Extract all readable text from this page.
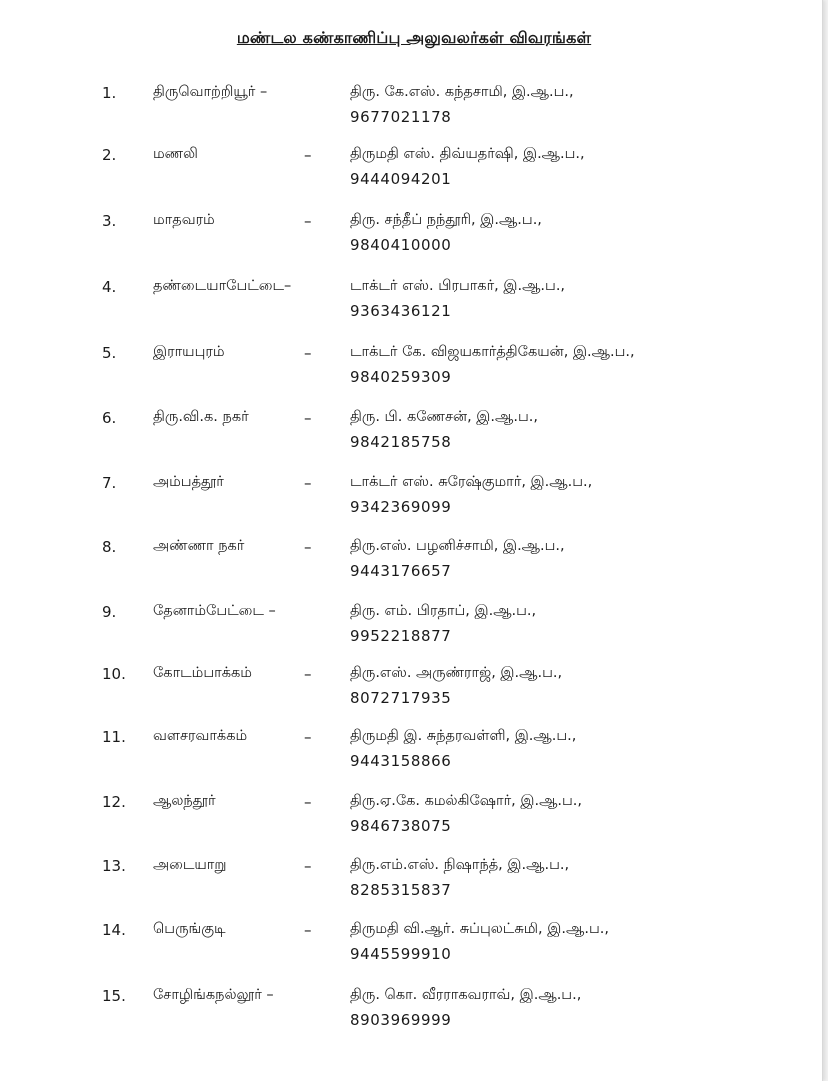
மண்டல கண்காணிப்பு அலுவலர்கள் விவரங்கள்
1.	திருவொற்றியூர் –	திரு. கே.எஸ். கந்தசாமி, இ.ஆ.ப.,
9677021178
2.	மணலி	–	திருமதி எஸ். திவ்யதர்ஷி, இ.ஆ.ப.,
9444094201
3.	மாதவரம்	–	திரு. சந்தீப் நந்தூரி, இ.ஆ.ப.,
9840410000
4.	தண்டையாபேட்டை–	டாக்டர் எஸ். பிரபாகர், இ.ஆ.ப.,
9363436121
5.	இராயபுரம்	–	டாக்டர் கே. விஜயகார்த்திகேயன், இ.ஆ.ப.,
9840259309
6.	திரு.வி.க. நகர்	–	திரு. பி. கணேசன், இ.ஆ.ப.,
9842185758
7.	அம்பத்தூர்	–	டாக்டர் எஸ். சுரேஷ்குமார், இ.ஆ.ப.,
9342369099
8.	அண்ணா நகர்	–	திரு.எஸ். பழனிச்சாமி, இ.ஆ.ப.,
9443176657
9.	தேனாம்பேட்டை –	திரு. எம். பிரதாப், இ.ஆ.ப.,
9952218877
10. கோடம்பாக்கம்	–	திரு.எஸ். அருண்ராஜ், இ.ஆ.ப.,
8072717935
11. வளசரவாக்கம்	–	திருமதி இ. சுந்தரவள்ளி, இ.ஆ.ப.,
9443158866
12. ஆலந்தூர்	–	திரு.ஏ.கே. கமல்கிஷோர், இ.ஆ.ப.,
9846738075
13. அடையாறு	–	திரு.எம்.எஸ். நிஷாந்த், இ.ஆ.ப.,
8285315837
14. பெருங்குடி	–	திருமதி வி.ஆர். சுப்புலட்சுமி, இ.ஆ.ப.,
9445599910
15. சோழிங்கநல்லூர் –	திரு. கொ. வீரராகவராவ், இ.ஆ.ப.,
8903969999
